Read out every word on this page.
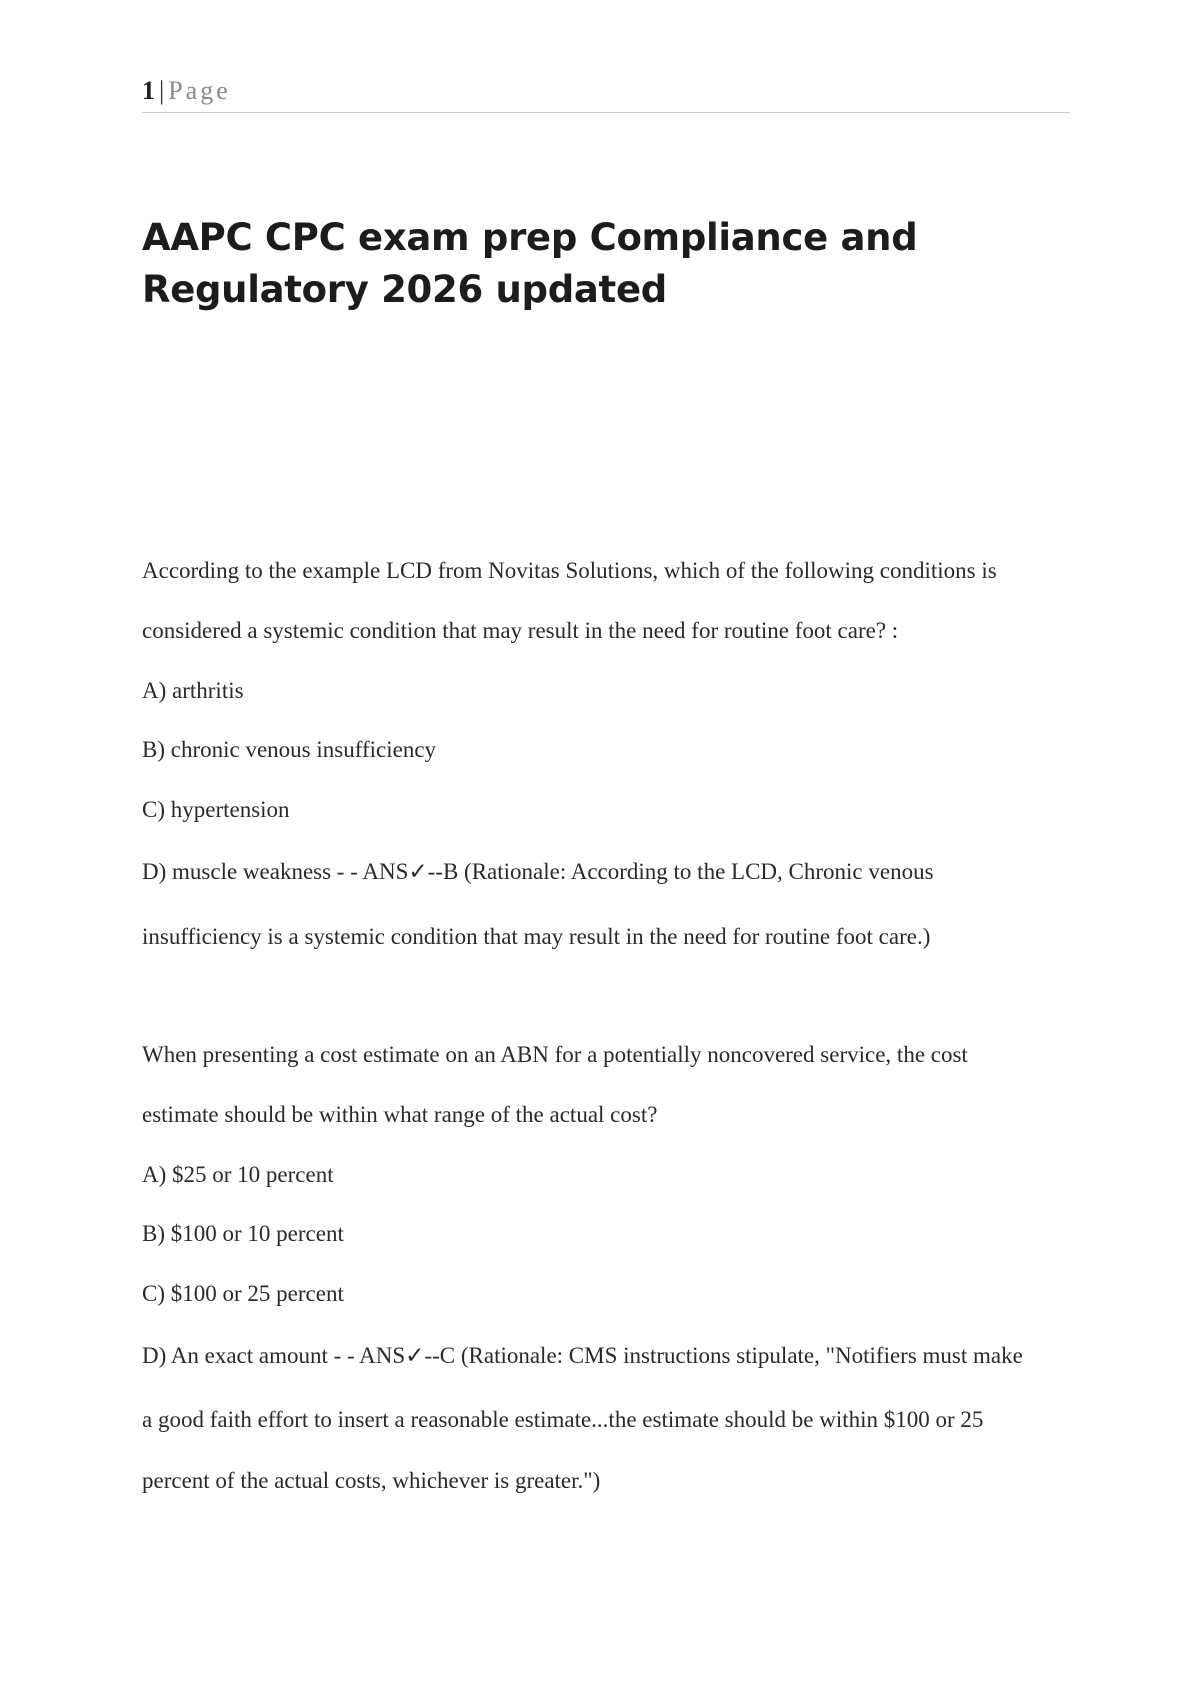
1 | Page
AAPC CPC exam prep Compliance and Regulatory 2026 updated

According to the example LCD from Novitas Solutions, which of the following conditions is

considered a systemic condition that may result in the need for routine foot care? :

A) arthritis

B) chronic venous insufficiency

C) hypertension

D) muscle weakness - - ANS✓--B (Rationale: According to the LCD, Chronic venous

insufficiency is a systemic condition that may result in the need for routine foot care.)

When presenting a cost estimate on an ABN for a potentially noncovered service, the cost

estimate should be within what range of the actual cost?

A) $25 or 10 percent

B) $100 or 10 percent

C) $100 or 25 percent

D) An exact amount - - ANS✓--C (Rationale: CMS instructions stipulate, "Notifiers must make

a good faith effort to insert a reasonable estimate...the estimate should be within $100 or 25

percent of the actual costs, whichever is greater.")
